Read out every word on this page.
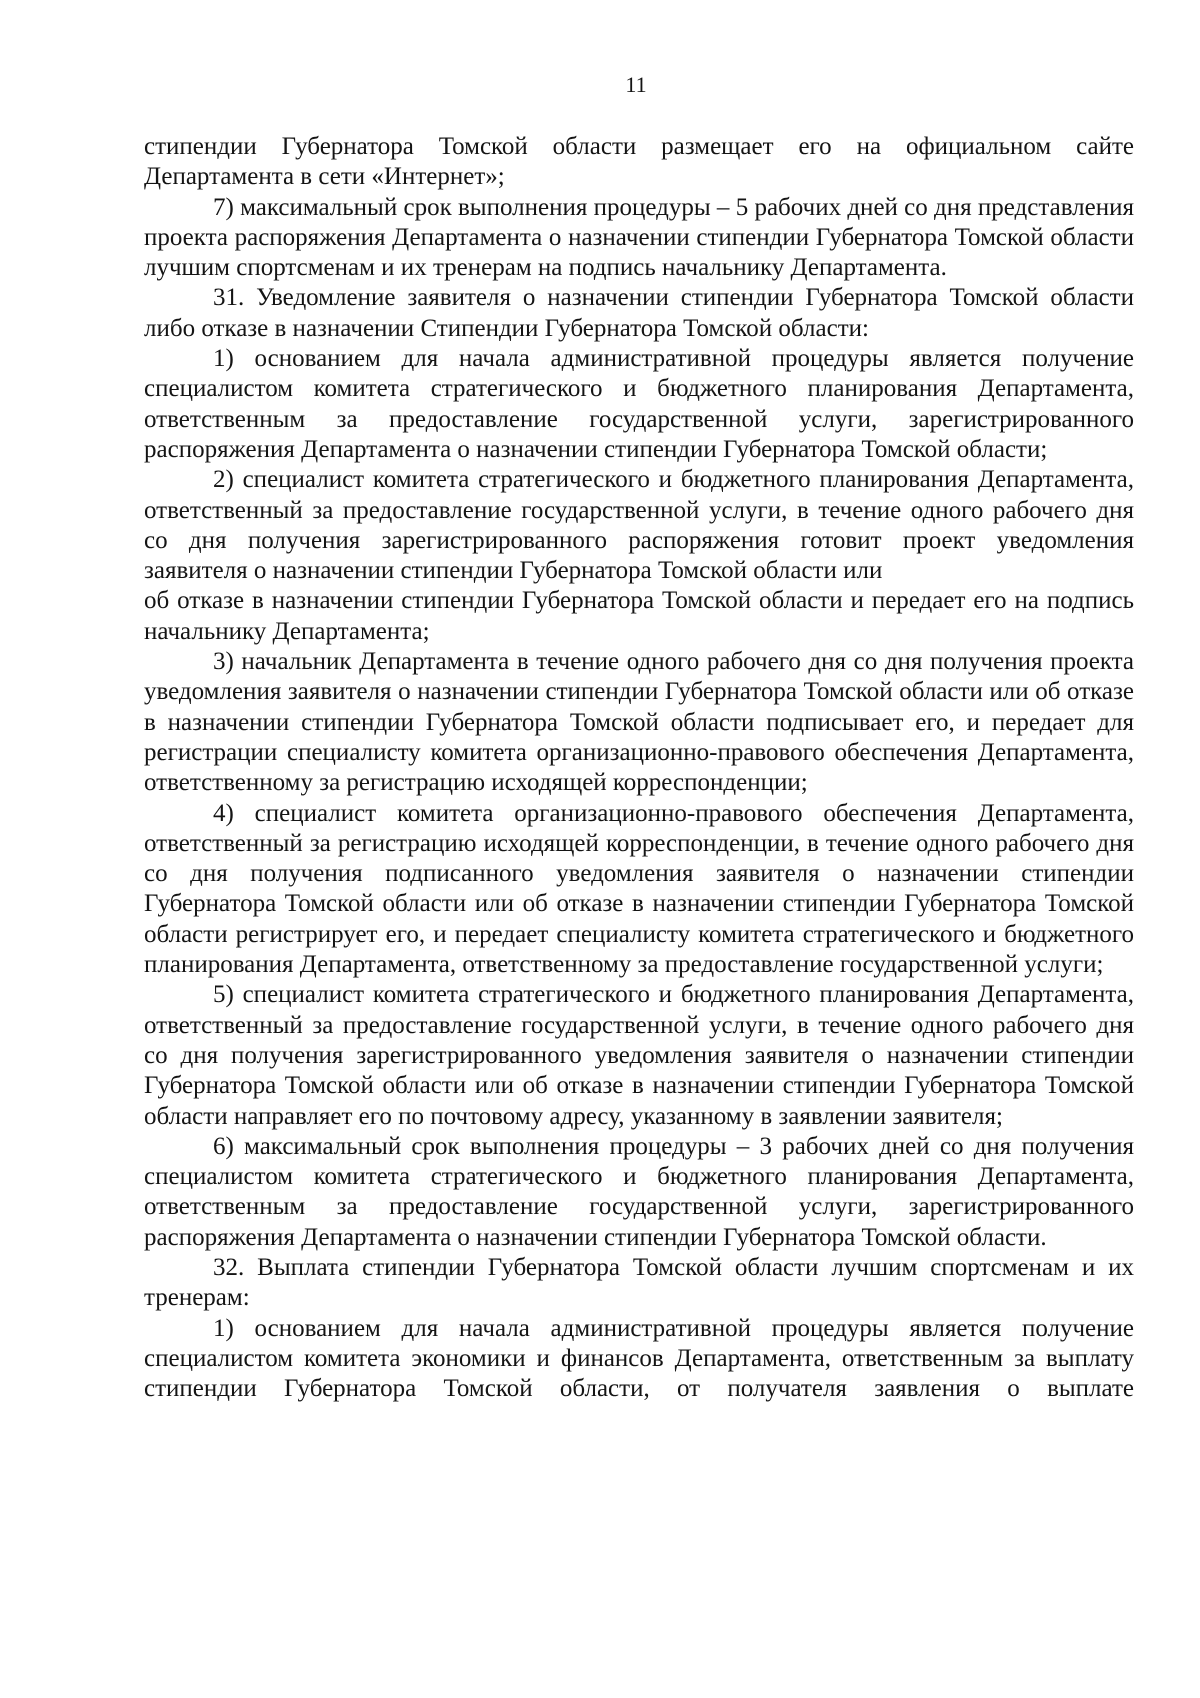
11

стипендии Губернатора Томской области размещает его на официальном сайте Департамента в сети «Интернет»;

7) максимальный срок выполнения процедуры – 5 рабочих дней со дня представления проекта распоряжения Департамента о назначении стипендии Губернатора Томской области лучшим спортсменам и их тренерам на подпись начальнику Департамента.

31. Уведомление заявителя о назначении стипендии Губернатора Томской области либо отказе в назначении Стипендии Губернатора Томской области:

1) основанием для начала административной процедуры является получение специалистом комитета стратегического и бюджетного планирования Департамента, ответственным за предоставление государственной услуги, зарегистрированного распоряжения Департамента о назначении стипендии Губернатора Томской области;

2) специалист комитета стратегического и бюджетного планирования Департамента, ответственный за предоставление государственной услуги, в течение одного рабочего дня со дня получения зарегистрированного распоряжения готовит проект уведомления заявителя о назначении стипендии Губернатора Томской области или

об отказе в назначении стипендии Губернатора Томской области и передает его на подпись начальнику Департамента;

3) начальник Департамента в течение одного рабочего дня со дня получения проекта уведомления заявителя о назначении стипендии Губернатора Томской области или об отказе в назначении стипендии Губернатора Томской области подписывает его, и передает для регистрации специалисту комитета организационно-правового обеспечения Департамента, ответственному за регистрацию исходящей корреспонденции;

4) специалист комитета организационно-правового обеспечения Департамента, ответственный за регистрацию исходящей корреспонденции, в течение одного рабочего дня со дня получения подписанного уведомления заявителя о назначении стипендии Губернатора Томской области или об отказе в назначении стипендии Губернатора Томской области регистрирует его, и передает специалисту комитета стратегического и бюджетного планирования Департамента, ответственному за предоставление государственной услуги;

5) специалист комитета стратегического и бюджетного планирования Департамента, ответственный за предоставление государственной услуги, в течение одного рабочего дня со дня получения зарегистрированного уведомления заявителя о назначении стипендии Губернатора Томской области или об отказе в назначении стипендии Губернатора Томской области направляет его по почтовому адресу, указанному в заявлении заявителя;

6) максимальный срок выполнения процедуры – 3 рабочих дней со дня получения специалистом комитета стратегического и бюджетного планирования Департамента, ответственным за предоставление государственной услуги, зарегистрированного распоряжения Департамента о назначении стипендии Губернатора Томской области.

32. Выплата стипендии Губернатора Томской области лучшим спортсменам и их тренерам:

1) основанием для начала административной процедуры является получение специалистом комитета экономики и финансов Департамента, ответственным за выплату стипендии Губернатора Томской области, от получателя заявления о выплате
